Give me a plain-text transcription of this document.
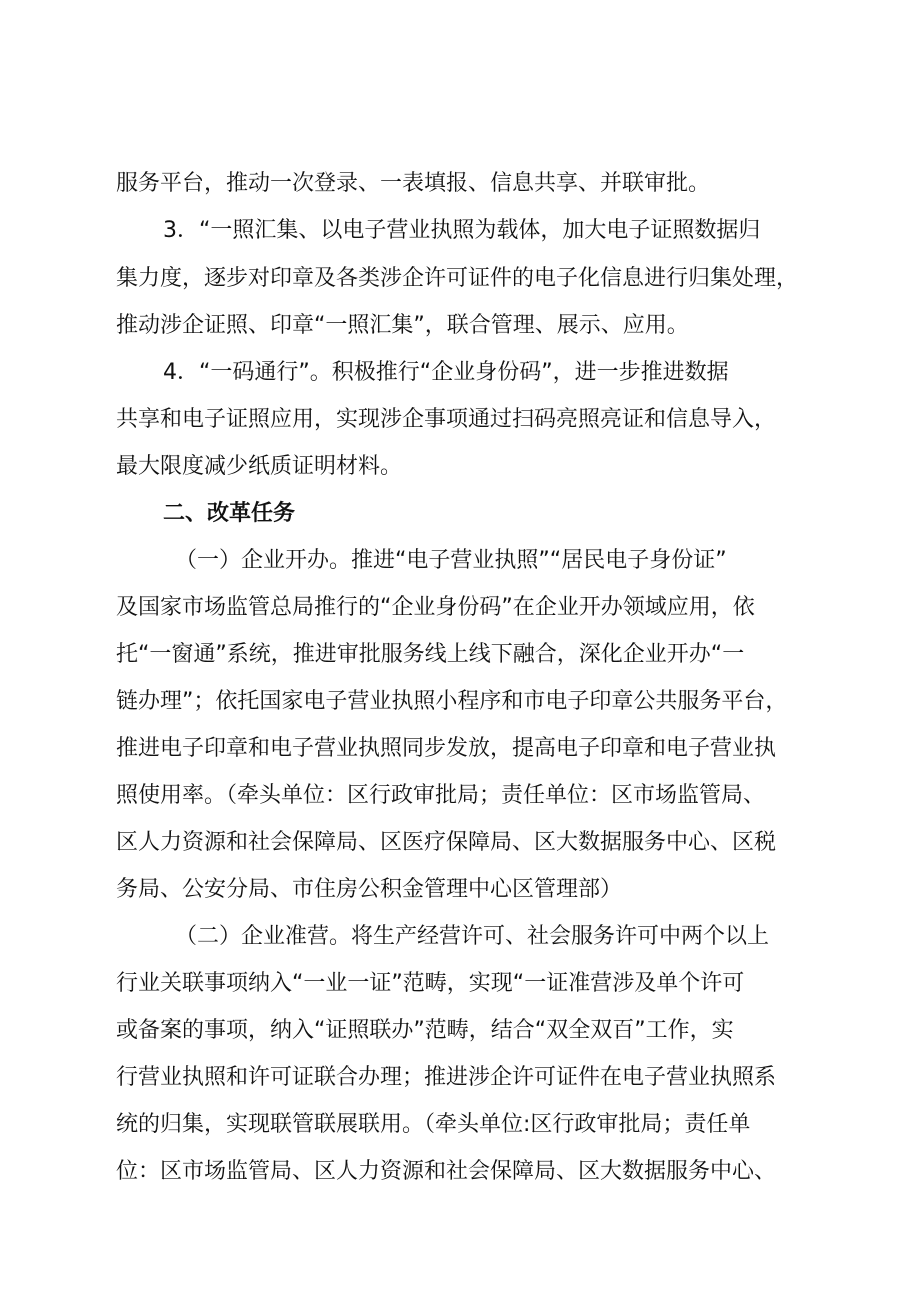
服务平台，推动一次登录、一表填报、信息共享、并联审批。
3．“一照汇集、以电子营业执照为载体，加大电子证照数据归
集力度，逐步对印章及各类涉企许可证件的电子化信息进行归集处理，
推动涉企证照、印章“一照汇集”，联合管理、展示、应用。
4．“一码通行”。积极推行“企业身份码”，进一步推进数据
共享和电子证照应用，实现涉企事项通过扫码亮照亮证和信息导入，
最大限度减少纸质证明材料。
二、改革任务
（一）企业开办。推进“电子营业执照”“居民电子身份证”
及国家市场监管总局推行的“企业身份码”在企业开办领域应用，依
托“一窗通”系统，推进审批服务线上线下融合，深化企业开办“一
链办理”；依托国家电子营业执照小程序和市电子印章公共服务平台，
推进电子印章和电子营业执照同步发放，提高电子印章和电子营业执
照使用率。（牵头单位：区行政审批局；责任单位：区市场监管局、
区人力资源和社会保障局、区医疗保障局、区大数据服务中心、区税
务局、公安分局、市住房公积金管理中心区管理部）
（二）企业准营。将生产经营许可、社会服务许可中两个以上
行业关联事项纳入“一业一证”范畴，实现“一证准营涉及单个许可
或备案的事项，纳入“证照联办”范畴，结合“双全双百”工作，实
行营业执照和许可证联合办理；推进涉企许可证件在电子营业执照系
统的归集，实现联管联展联用。（牵头单位:区行政审批局；责任单
位：区市场监管局、区人力资源和社会保障局、区大数据服务中心、
